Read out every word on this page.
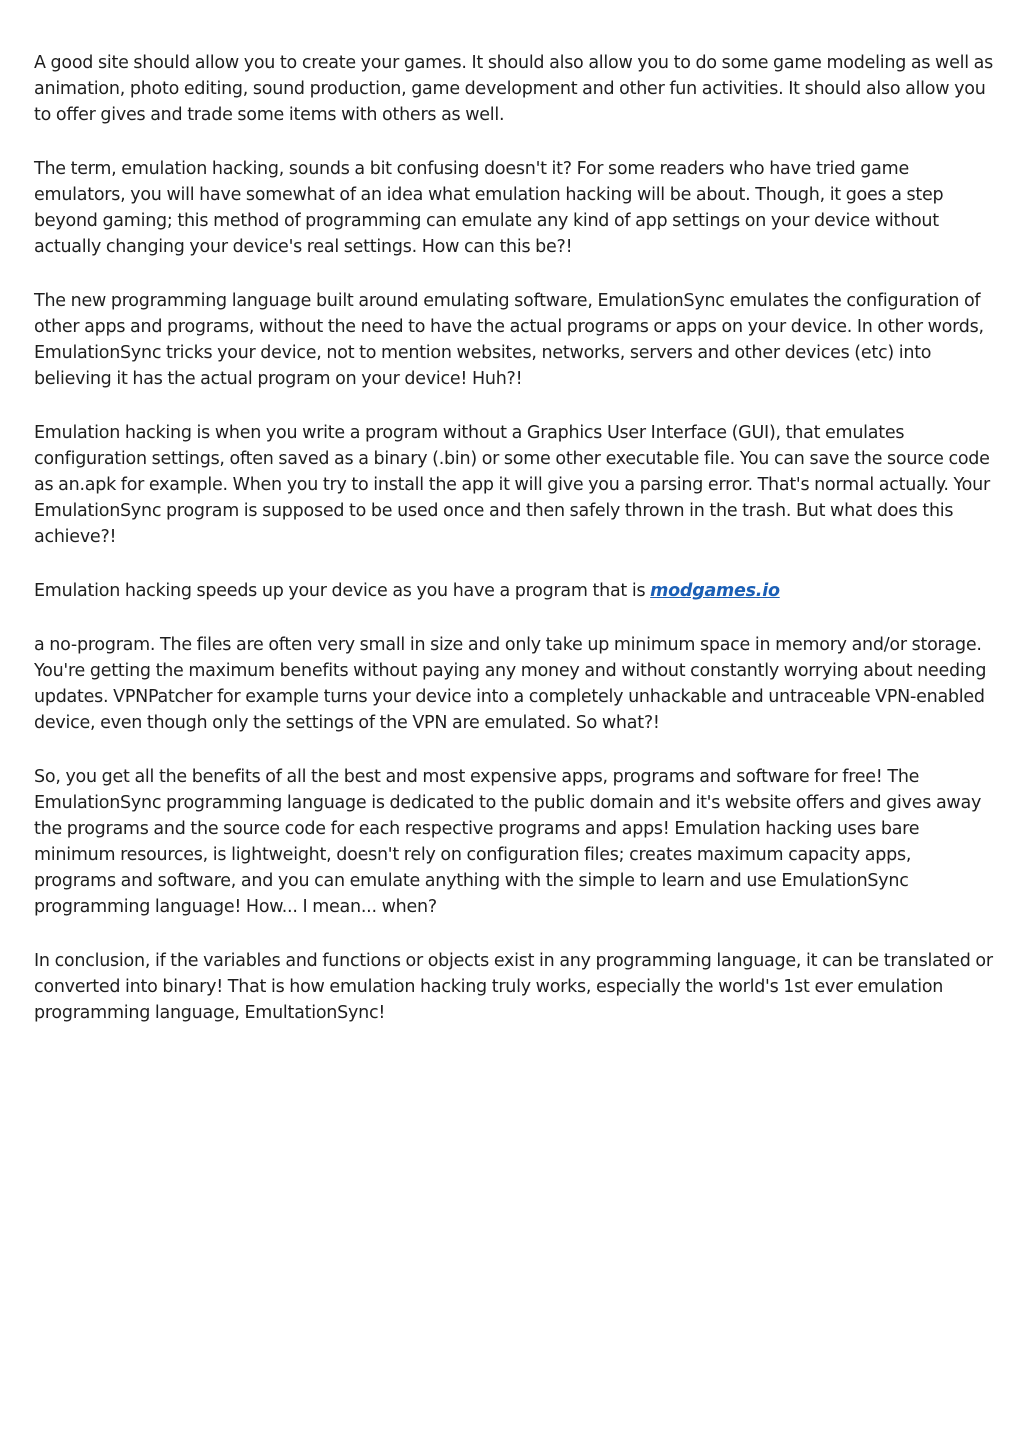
A good site should allow you to create your games. It should also allow you to do some game modeling as well as animation, photo editing, sound production, game development and other fun activities. It should also allow you to offer gives and trade some items with others as well.

The term, emulation hacking, sounds a bit confusing doesn't it? For some readers who have tried game emulators, you will have somewhat of an idea what emulation hacking will be about. Though, it goes a step beyond gaming; this method of programming can emulate any kind of app settings on your device without actually changing your device's real settings. How can this be?!

The new programming language built around emulating software, EmulationSync emulates the configuration of other apps and programs, without the need to have the actual programs or apps on your device. In other words, EmulationSync tricks your device, not to mention websites, networks, servers and other devices (etc) into believing it has the actual program on your device! Huh?!

Emulation hacking is when you write a program without a Graphics User Interface (GUI), that emulates configuration settings, often saved as a binary (.bin) or some other executable file. You can save the source code as an.apk for example. When you try to install the app it will give you a parsing error. That's normal actually. Your EmulationSync program is supposed to be used once and then safely thrown in the trash. But what does this achieve?!

Emulation hacking speeds up your device as you have a program that is modgames.io

a no-program. The files are often very small in size and only take up minimum space in memory and/or storage. You're getting the maximum benefits without paying any money and without constantly worrying about needing updates. VPNPatcher for example turns your device into a completely unhackable and untraceable VPN-enabled device, even though only the settings of the VPN are emulated. So what?!

So, you get all the benefits of all the best and most expensive apps, programs and software for free! The EmulationSync programming language is dedicated to the public domain and it's website offers and gives away the programs and the source code for each respective programs and apps! Emulation hacking uses bare minimum resources, is lightweight, doesn't rely on configuration files; creates maximum capacity apps, programs and software, and you can emulate anything with the simple to learn and use EmulationSync programming language! How... I mean... when?

In conclusion, if the variables and functions or objects exist in any programming language, it can be translated or converted into binary! That is how emulation hacking truly works, especially the world's 1st ever emulation programming language, EmultationSync!
